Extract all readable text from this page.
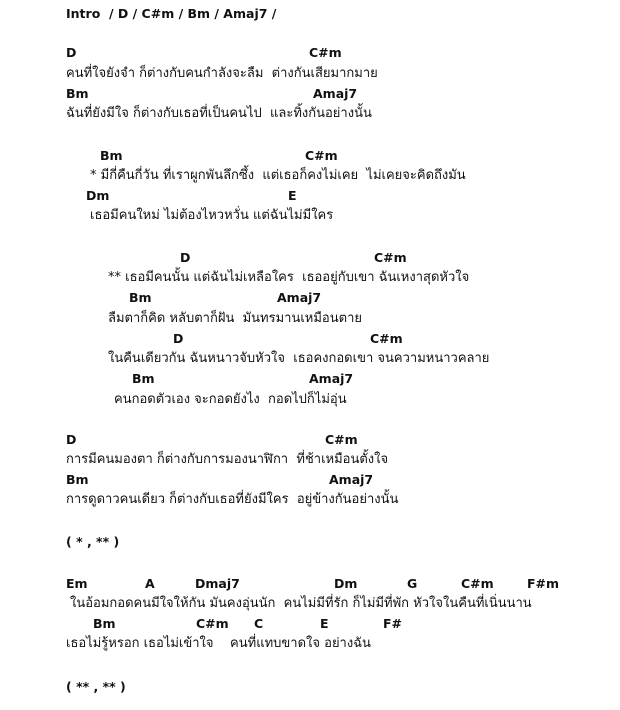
Intro  / D / C#m / Bm / Amaj7 /
D	C#m
คนที่ใจยังจำ ก็ต่างกับคนกำลังจะลืม  ต่างกันเสียมากมาย
Bm	Amaj7
ฉันที่ยังมีใจ ก็ต่างกับเธอที่เป็นคนไป  และทิ้งกันอย่างนั้น
Bm	C#m
* มีกี่คืนกี่วัน ที่เราผูกพันลึกซึ้ง  แต่เธอก็คงไม่เคย  ไม่เคยจะคิดถึงมัน
Dm	E
เธอมีคนใหม่ ไม่ต้องไหวหวั่น แต่ฉันไม่มีใคร
D	C#m
** เธอมีคนนั้น แต่ฉันไม่เหลือใคร  เธออยู่กับเขา ฉันเหงาสุดหัวใจ
Bm	Amaj7
ลืมตาก็คิด หลับตาก็ฝัน  มันทรมานเหมือนตาย
D	C#m
ในคืนเดียวกัน ฉันหนาวจับหัวใจ  เธอคงกอดเขา จนความหนาวคลาย
Bm	Amaj7
คนกอดตัวเอง จะกอดยังไง  กอดไปก็ไม่อุ่น
D	C#m
การมีคนมองตา ก็ต่างกับการมองนาฬิกา  ที่ช้าเหมือนตั้งใจ
Bm	Amaj7
การดูดาวคนเดียว ก็ต่างกับเธอที่ยังมีใคร  อยู่ข้างกันอย่างนั้น
( * , ** )
Em	A	Dmaj7	Dm	G	C#m	F#m
ในอ้อมกอดคนมีใจให้กัน มันคงอุ่นนัก  คนไม่มีที่รัก ก็ไม่มีที่พัก หัวใจในคืนที่เนิ่นนาน
Bm	C#m C	E	F#
เธอไม่รู้หรอก เธอไม่เข้าใจ    คนที่แทบขาดใจ อย่างฉัน
( ** , ** )
